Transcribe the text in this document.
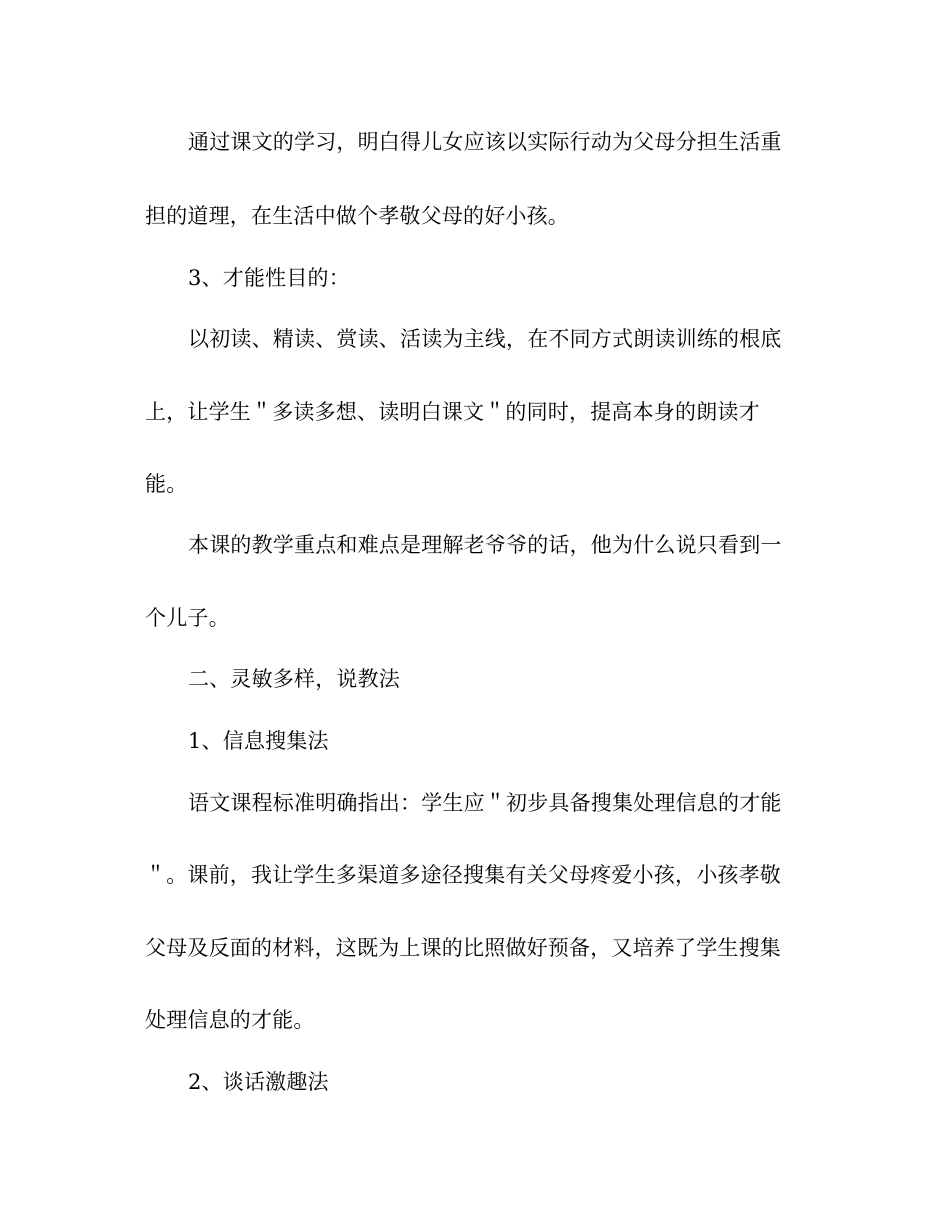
通过课文的学习，明白得儿女应该以实际行动为父母分担生活重
担的道理，在生活中做个孝敬父母的好小孩。
3、才能性目的：
以初读、精读、赏读、活读为主线，在不同方式朗读训练的根底
上，让学生＂多读多想、读明白课文＂的同时，提高本身的朗读才
能。
本课的教学重点和难点是理解老爷爷的话，他为什么说只看到一
个儿子。
二、灵敏多样，说教法
1、信息搜集法
语文课程标准明确指出：学生应＂初步具备搜集处理信息的才能
＂。课前，我让学生多渠道多途径搜集有关父母疼爱小孩，小孩孝敬
父母及反面的材料，这既为上课的比照做好预备，又培养了学生搜集
处理信息的才能。
2、谈话激趣法
